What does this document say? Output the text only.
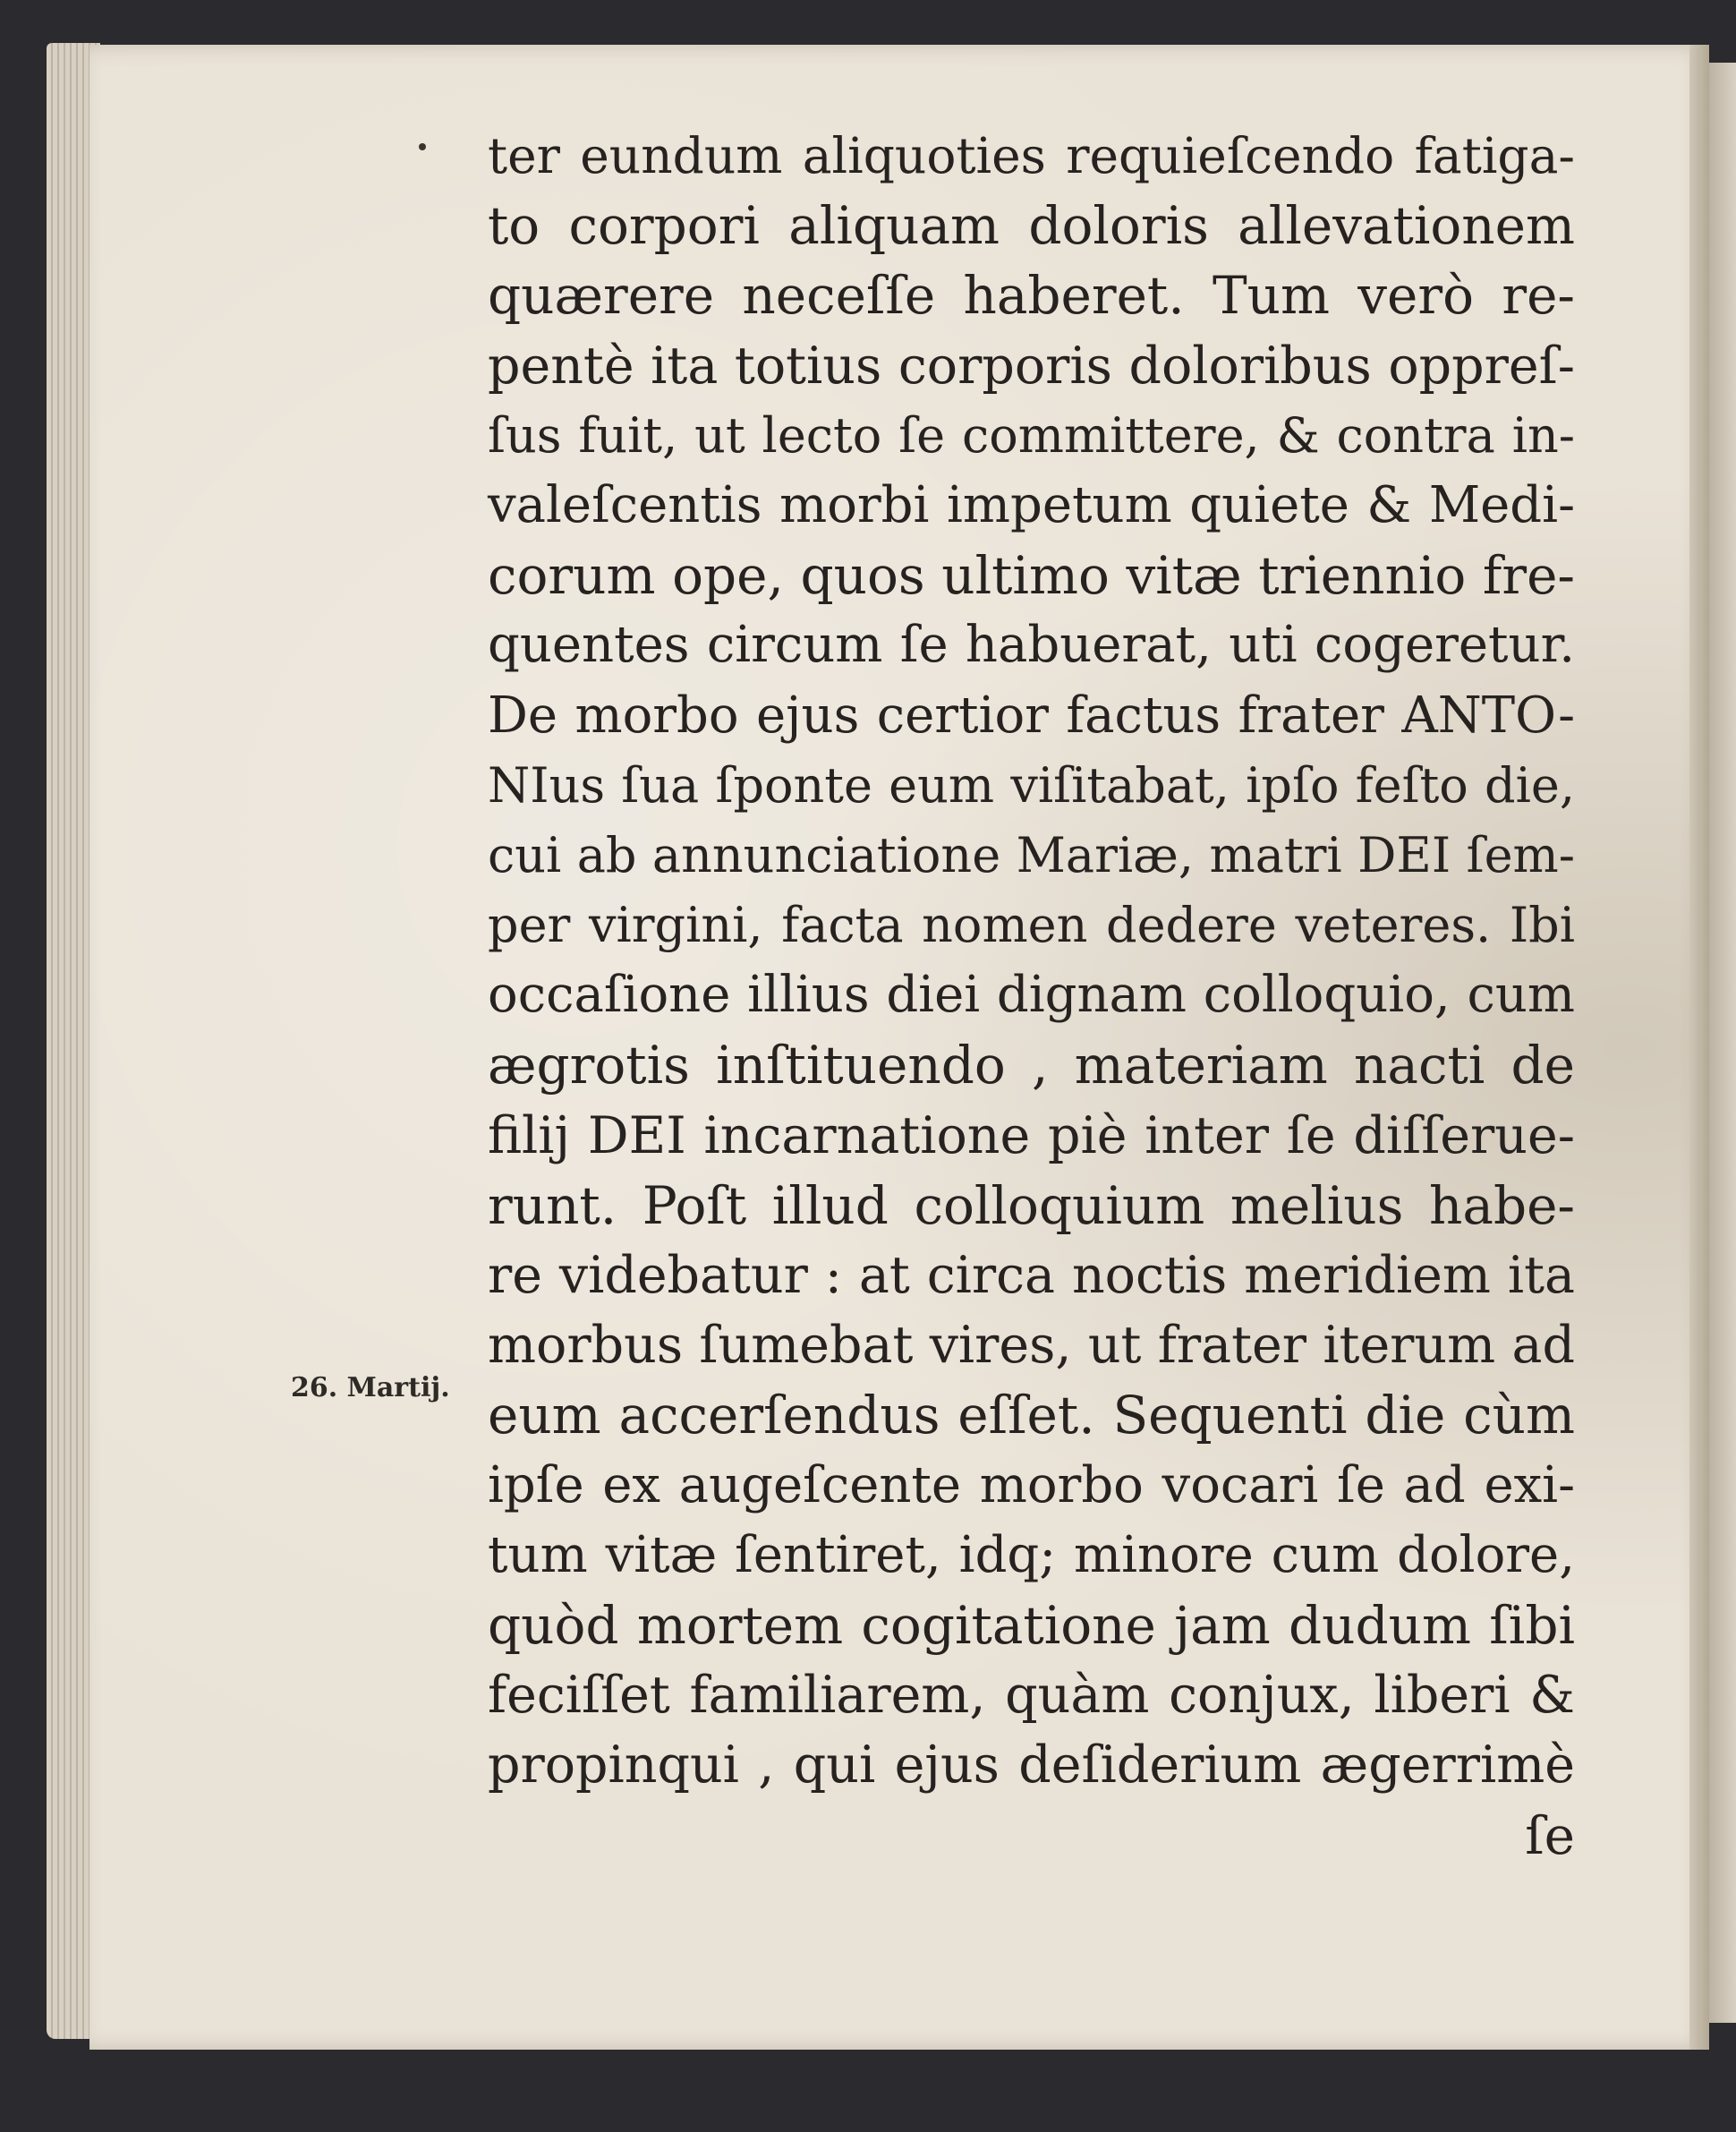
26. Martij.
ter eundum aliquoties requieſcendo fatiga-
to corpori aliquam doloris allevationem
quærere neceſſe haberet. Tum verò re-
pentè ita totius corporis doloribus oppreſ-
ſus fuit, ut lecto ſe committere, & contra in-
valeſcentis morbi impetum quiete & Medi-
corum ope, quos ultimo vitæ triennio fre-
quentes circum ſe habuerat, uti cogeretur.
De morbo ejus certior factus frater ANTO-
NIus ſua ſponte eum viſitabat, ipſo feſto die,
cui ab annunciatione Mariæ, matri DEI ſem-
per virgini, facta nomen dedere veteres. Ibi
occaſione illius diei dignam colloquio, cum
ægrotis inſtituendo , materiam nacti de
filij DEI incarnatione piè inter ſe diſſerue-
runt. Poſt illud colloquium melius habe-
re videbatur : at circa noctis meridiem ita
morbus ſumebat vires, ut frater iterum ad
eum accerſendus eſſet. Sequenti die cùm
ipſe ex augeſcente morbo vocari ſe ad exi-
tum vitæ ſentiret, idq; minore cum dolore,
quòd mortem cogitatione jam dudum ſibi
feciſſet familiarem, quàm conjux, liberi &
propinqui , qui ejus deſiderium ægerrimè
ſe
